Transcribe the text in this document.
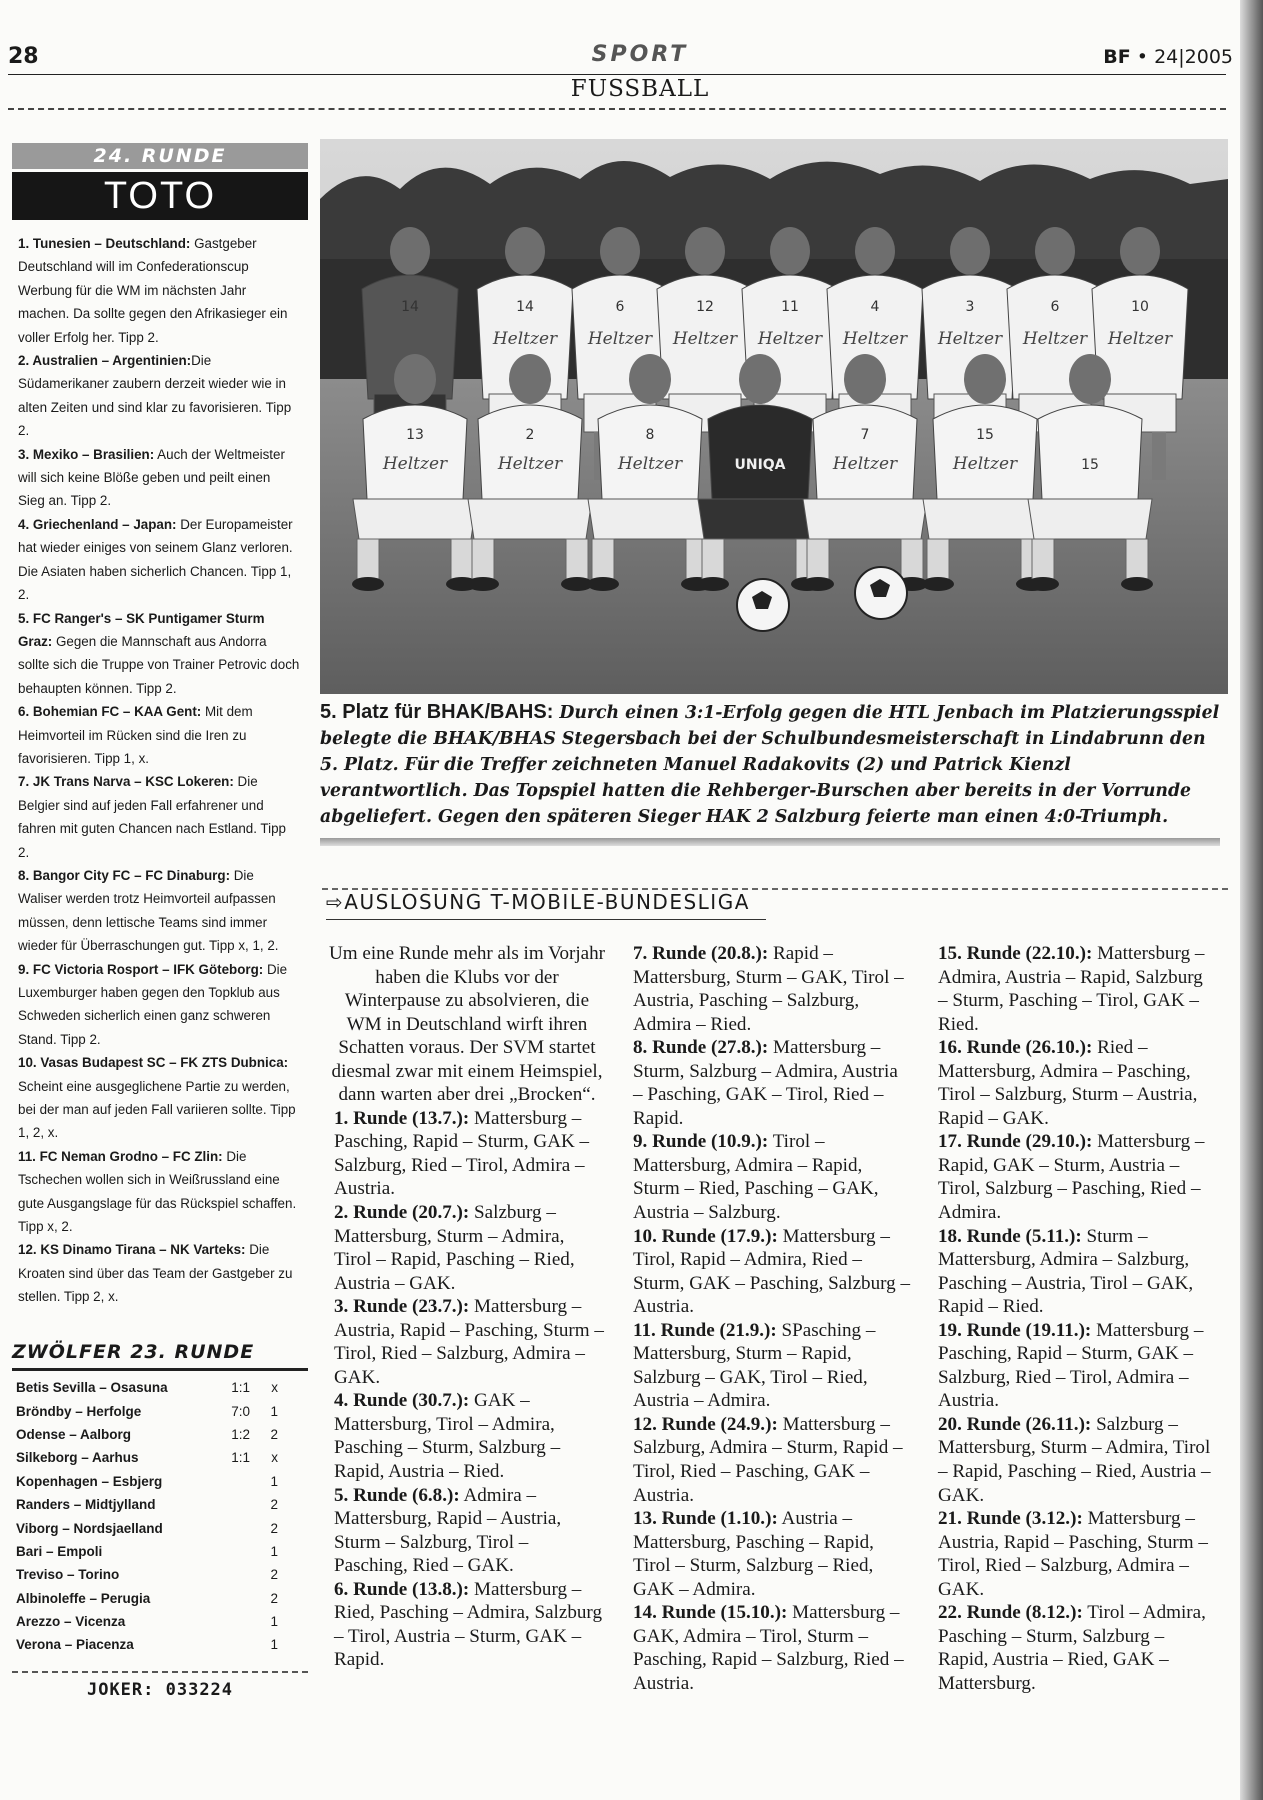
28	SPORT	BF • 24|2005
FUSSBALL
24. RUNDE
TOTO
1. Tunesien – Deutschland: Gastgeber Deutschland will im Confederationscup Werbung für die WM im nächsten Jahr machen. Da sollte gegen den Afrikasieger ein voller Erfolg her. Tipp 2.
2. Australien – Argentinien:Die Südamerikaner zaubern derzeit wieder wie in alten Zeiten und sind klar zu favorisieren. Tipp 2.
3. Mexiko – Brasilien: Auch der Weltmeister will sich keine Blöße geben und peilt einen Sieg an. Tipp 2.
4. Griechenland – Japan: Der Europameister hat wieder einiges von seinem Glanz verloren. Die Asiaten haben sicherlich Chancen. Tipp 1, 2.
5. FC Ranger's – SK Puntigamer Sturm Graz: Gegen die Mannschaft aus Andorra sollte sich die Truppe von Trainer Petrovic doch behaupten können. Tipp 2.
6. Bohemian FC – KAA Gent: Mit dem Heimvorteil im Rücken sind die Iren zu favorisieren. Tipp 1, x.
7. JK Trans Narva – KSC Lokeren: Die Belgier sind auf jeden Fall erfahrener und fahren mit guten Chancen nach Estland. Tipp 2.
8. Bangor City FC – FC Dinaburg: Die Waliser werden trotz Heimvorteil aufpassen müssen, denn lettische Teams sind immer wieder für Überraschungen gut. Tipp x, 1, 2.
9. FC Victoria Rosport – IFK Göteborg: Die Luxemburger haben gegen den Topklub aus Schweden sicherlich einen ganz schweren Stand. Tipp 2.
10. Vasas Budapest SC – FK ZTS Dubnica: Scheint eine ausgeglichene Partie zu werden, bei der man auf jeden Fall variieren sollte. Tipp 1, 2, x.
11. FC Neman Grodno – FC Zlin: Die Tschechen wollen sich in Weißrussland eine gute Ausgangslage für das Rückspiel schaffen. Tipp x, 2.
12. KS Dinamo Tirana – NK Varteks: Die Kroaten sind über das Team der Gastgeber zu stellen. Tipp 2, x.
ZWÖLFER 23. RUNDE
Betis Sevilla – Osasuna	1:1	x
Bröndby – Herfolge	7:0	1
Odense – Aalborg	1:2	2
Silkeborg – Aarhus	1:1	x
Kopenhagen – Esbjerg		1
Randers – Midtjylland		2
Viborg – Nordsjaelland		2
Bari – Empoli		1
Treviso – Torino		2
Albinoleffe – Perugia		2
Arezzo – Vicenza		1
Verona – Piacenza		1
JOKER: 033224
14
Heltzer
6
Heltzer
12
Heltzer
11
Heltzer
4
Heltzer
3
Heltzer
6
Heltzer
10
Heltzer
13
Heltzer
2
Heltzer
8
Heltzer
7
Heltzer
15
Heltzer
UNIQA	15
14
5. Platz für BHAK/BAHS: Durch einen 3:1-Erfolg gegen die HTL Jenbach im Platzierungsspiel belegte die BHAK/BHAS Stegersbach bei der Schulbundesmeisterschaft in Lindabrunn den 5. Platz. Für die Treffer zeichneten Manuel Radakovits (2) und Patrick Kienzl verantwortlich. Das Topspiel hatten die Rehberger-Burschen aber bereits in der Vorrunde abgeliefert. Gegen den späteren Sieger HAK 2 Salzburg feierte man einen 4:0-Triumph.
⇨AUSLOSUNG T-MOBILE-BUNDESLIGA

Um eine Runde mehr als im Vorjahr haben die Klubs vor der Winterpause zu absolvieren, die WM in Deutschland wirft ihren Schatten voraus. Der SVM startet diesmal zwar mit einem Heimspiel, dann warten aber drei „Brocken“.

1. Runde (13.7.): Mattersburg – Pasching, Rapid – Sturm, GAK – Salzburg, Ried – Tirol, Admira – Austria.

2. Runde (20.7.): Salzburg – Mattersburg, Sturm – Admira, Tirol – Rapid, Pasching – Ried, Austria – GAK.

3. Runde (23.7.): Mattersburg – Austria, Rapid – Pasching, Sturm – Tirol, Ried – Salzburg, Admira – GAK.

4. Runde (30.7.): GAK – Mattersburg, Tirol – Admira, Pasching – Sturm, Salzburg – Rapid, Austria – Ried.

5. Runde (6.8.): Admira – Mattersburg, Rapid – Austria, Sturm – Salzburg, Tirol – Pasching, Ried – GAK.

6. Runde (13.8.): Mattersburg – Ried, Pasching – Admira, Salzburg – Tirol, Austria – Sturm, GAK – Rapid.

7. Runde (20.8.): Rapid – Mattersburg, Sturm – GAK, Tirol – Austria, Pasching – Salzburg, Admira – Ried.

8. Runde (27.8.): Mattersburg – Sturm, Salzburg – Admira, Austria – Pasching, GAK – Tirol, Ried – Rapid.

9. Runde (10.9.): Tirol – Mattersburg, Admira – Rapid, Sturm – Ried, Pasching – GAK, Austria – Salzburg.

10. Runde (17.9.): Mattersburg – Tirol, Rapid – Admira, Ried – Sturm, GAK – Pasching, Salzburg – Austria.

11. Runde (21.9.): SPasching – Mattersburg, Sturm – Rapid, Salzburg – GAK, Tirol – Ried, Austria – Admira.

12. Runde (24.9.): Mattersburg – Salzburg, Admira – Sturm, Rapid – Tirol, Ried – Pasching, GAK – Austria.

13. Runde (1.10.): Austria – Mattersburg, Pasching – Rapid, Tirol – Sturm, Salzburg – Ried, GAK – Admira.

14. Runde (15.10.): Mattersburg – GAK, Admira – Tirol, Sturm – Pasching, Rapid – Salzburg, Ried – Austria.

15. Runde (22.10.): Mattersburg – Admira, Austria – Rapid, Salzburg – Sturm, Pasching – Tirol, GAK – Ried.

16. Runde (26.10.): Ried – Mattersburg, Admira – Pasching, Tirol – Salzburg, Sturm – Austria, Rapid – GAK.

17. Runde (29.10.): Mattersburg – Rapid, GAK – Sturm, Austria – Tirol, Salzburg – Pasching, Ried – Admira.

18. Runde (5.11.): Sturm – Mattersburg, Admira – Salzburg, Pasching – Austria, Tirol – GAK, Rapid – Ried.

19. Runde (19.11.): Mattersburg – Pasching, Rapid – Sturm, GAK – Salzburg, Ried – Tirol, Admira – Austria.

20. Runde (26.11.): Salzburg – Mattersburg, Sturm – Admira, Tirol – Rapid, Pasching – Ried, Austria – GAK.

21. Runde (3.12.): Mattersburg – Austria, Rapid – Pasching, Sturm – Tirol, Ried – Salzburg, Admira – GAK.

22. Runde (8.12.): Tirol – Admira, Pasching – Sturm, Salzburg – Rapid, Austria – Ried, GAK – Mattersburg.
